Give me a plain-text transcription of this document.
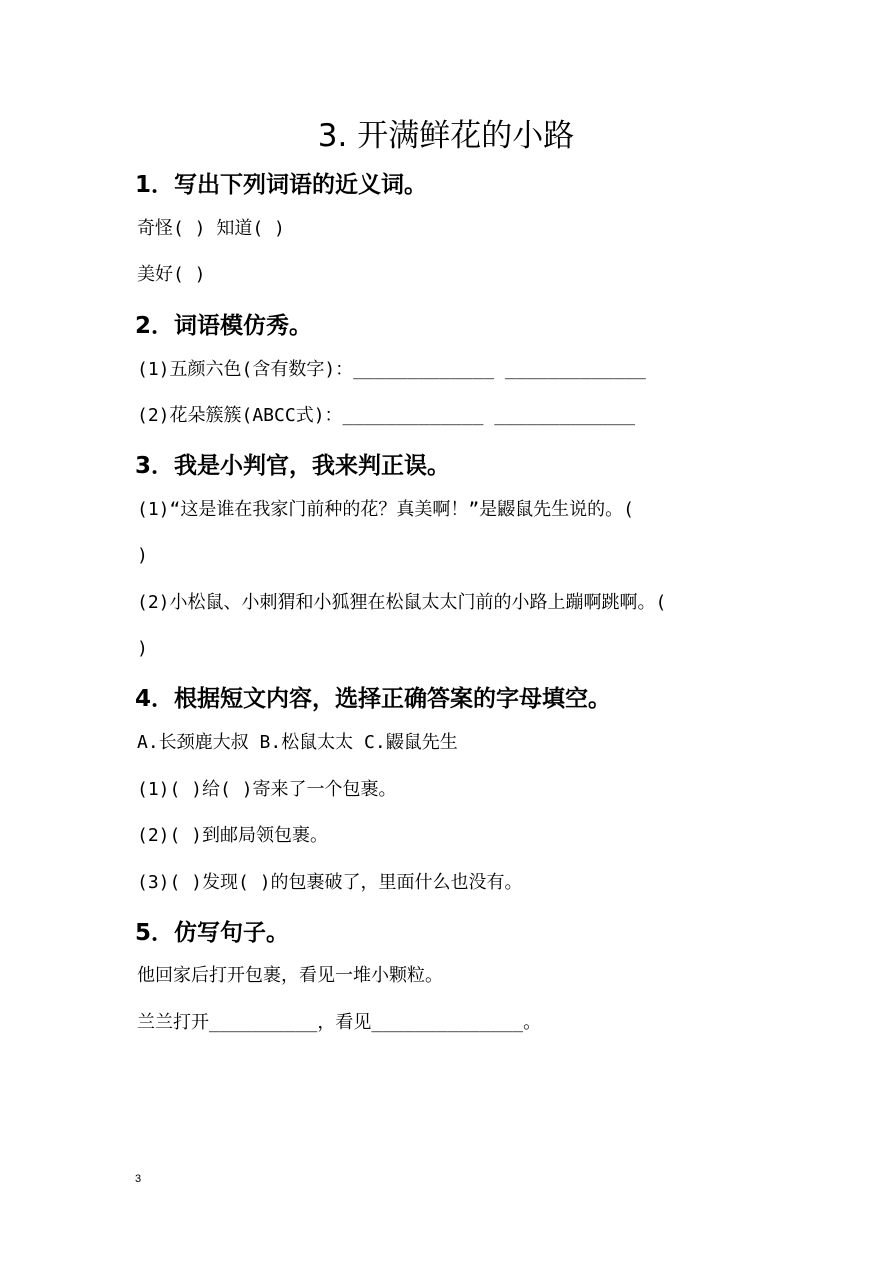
3. 开满鲜花的小路
1．写出下列词语的近义词。
奇怪( ) 知道( )
美好( )
2．词语模仿秀。
(1)五颜六色(含有数字)：_____________ _____________
(2)花朵簇簇(ABCC式)：_____________ _____________
3．我是小判官，我来判正误。
(1)“这是谁在我家门前种的花？真美啊！”是鼹鼠先生说的。(
)
(2)小松鼠、小刺猬和小狐狸在松鼠太太门前的小路上蹦啊跳啊。(
)
4．根据短文内容，选择正确答案的字母填空。
A.长颈鹿大叔 B.松鼠太太 C.鼹鼠先生
(1)( )给( )寄来了一个包裹。
(2)( )到邮局领包裹。
(3)( )发现( )的包裹破了，里面什么也没有。
5．仿写句子。
他回家后打开包裹，看见一堆小颗粒。
兰兰打开__________，看见______________。
3
